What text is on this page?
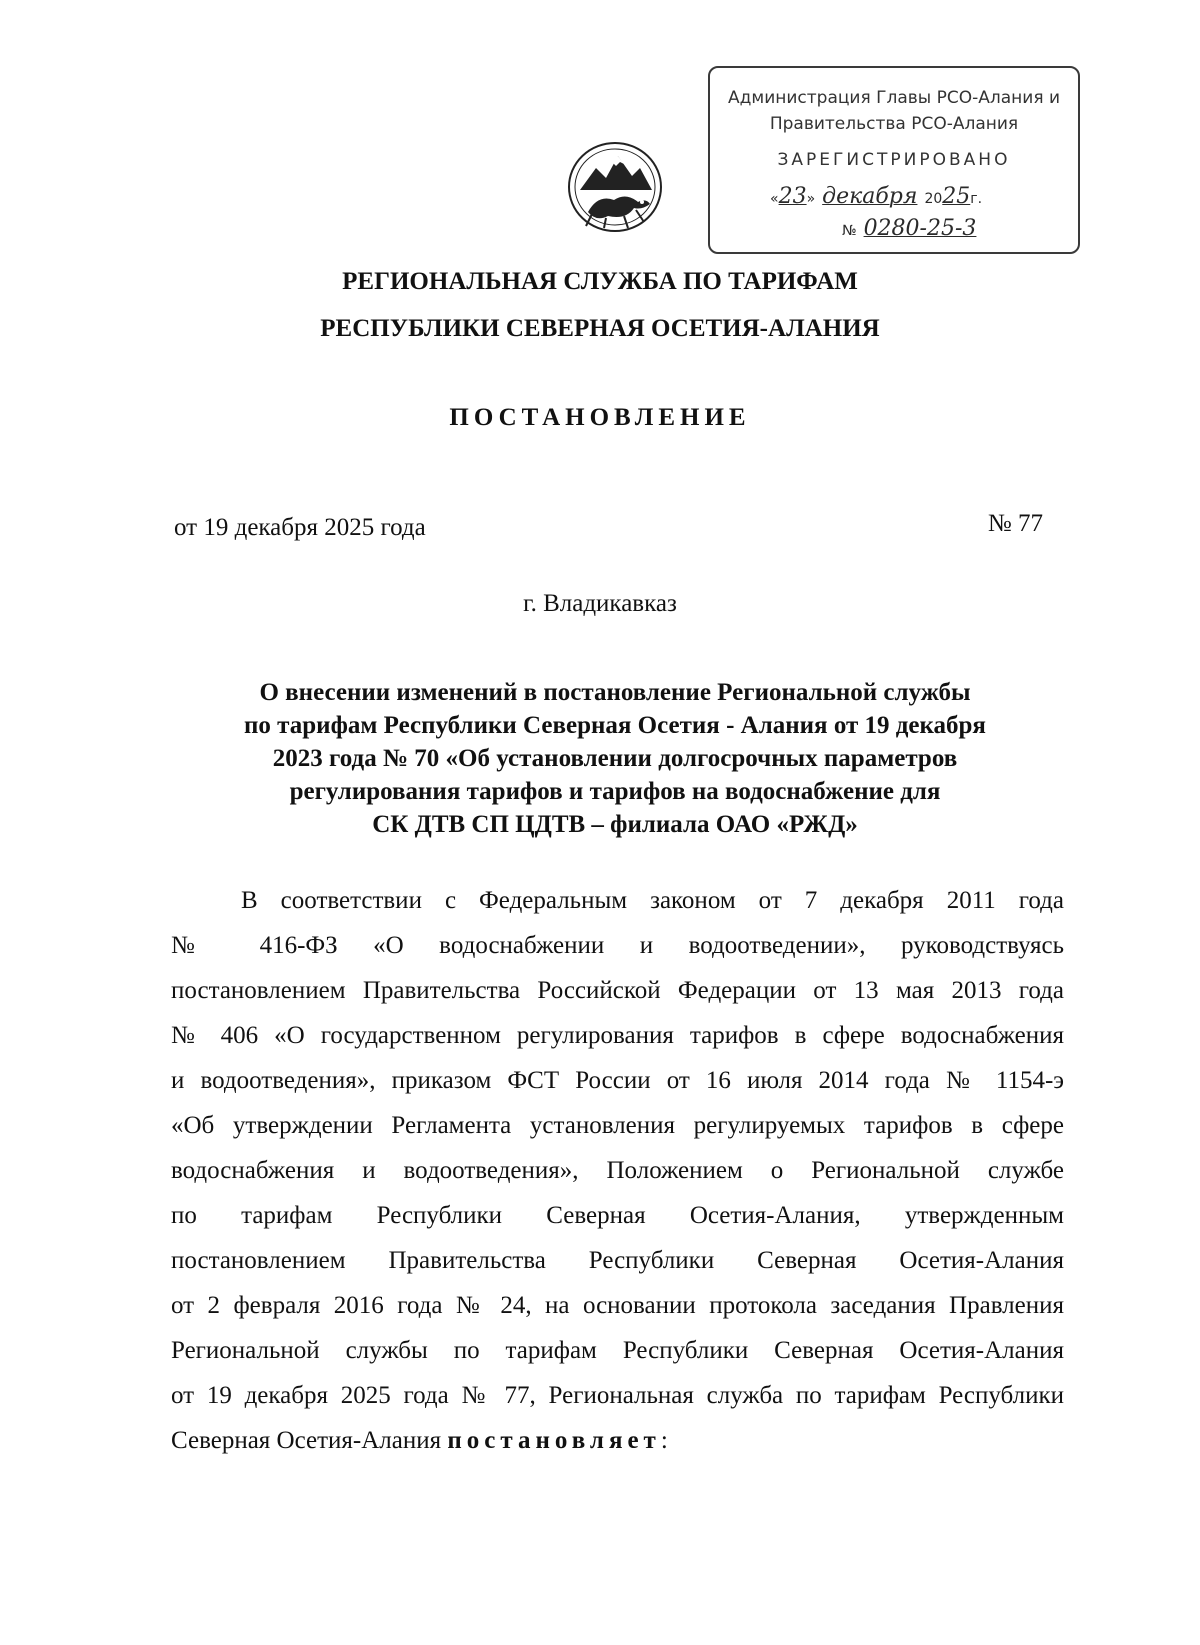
Администрация Главы РСО-Алания и
Правительства РСО-Алания
ЗАРЕГИСТРИРОВАНО
«23» декабря 2025г.
№ 0280-25-3
РЕГИОНАЛЬНАЯ СЛУЖБА ПО ТАРИФАМ
РЕСПУБЛИКИ СЕВЕРНАЯ ОСЕТИЯ-АЛАНИЯ
ПОСТАНОВЛЕНИЕ
от 19 декабря 2025 года	№ 77
г. Владикавказ
О внесении изменений в постановление Региональной службы
по тарифам Республики Северная Осетия - Алания от 19 декабря
2023 года № 70 «Об установлении долгосрочных параметров
регулирования тарифов и тарифов на водоснабжение для
СК ДТВ СП ЦДТВ – филиала ОАО «РЖД»
В соответствии с Федеральным законом от 7 декабря 2011 года
№ 416-ФЗ «О водоснабжении и водоотведении», руководствуясь
постановлением Правительства Российской Федерации от 13 мая 2013 года
№ 406 «О государственном регулирования тарифов в сфере водоснабжения
и водоотведения», приказом ФСТ России от 16 июля 2014 года № 1154-э
«Об утверждении Регламента установления регулируемых тарифов в сфере
водоснабжения и водоотведения», Положением о Региональной службе
по тарифам Республики Северная Осетия-Алания, утвержденным
постановлением Правительства Республики Северная Осетия-Алания
от 2 февраля 2016 года № 24, на основании протокола заседания Правления
Региональной службы по тарифам Республики Северная Осетия-Алания
от 19 декабря 2025 года № 77, Региональная служба по тарифам Республики
Северная Осетия-Алания постановляет:
